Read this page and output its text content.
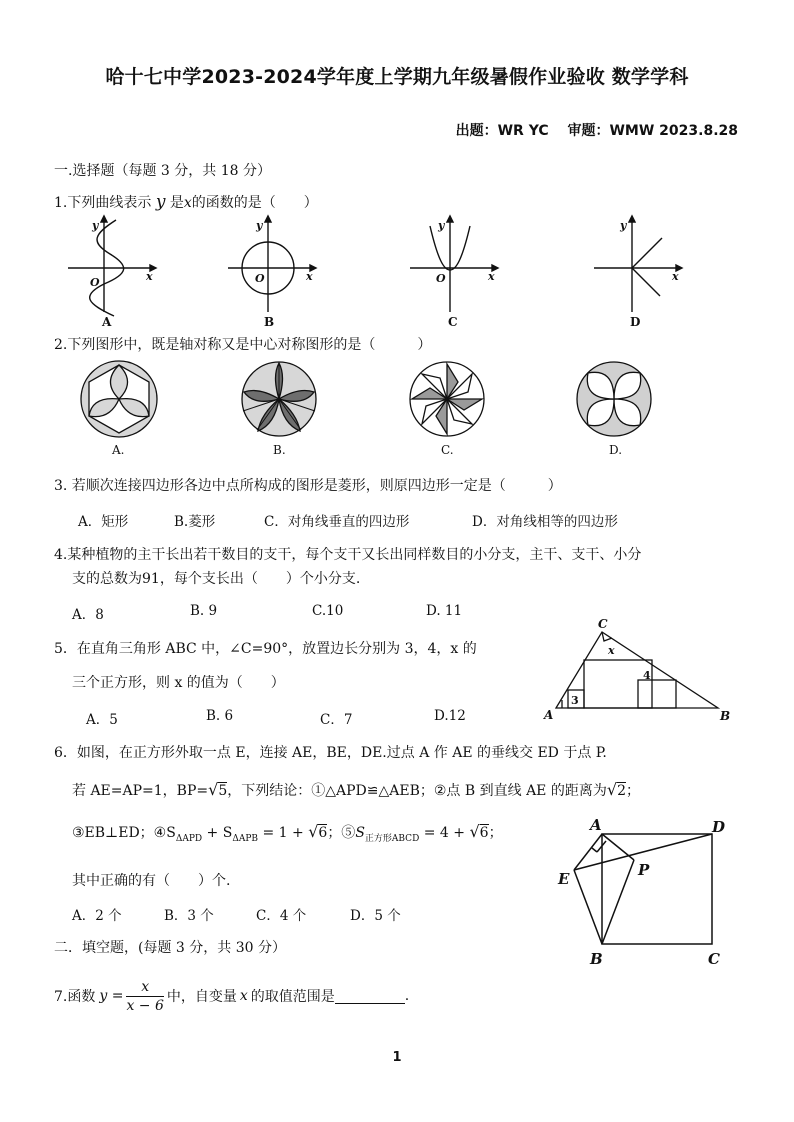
哈十七中学2023-2024学年度上学期九年级暑假作业验收 数学学科
出题：WR YC 审题：WMW 2023.8.28
一.选择题（每题 3 分，共 18 分）
1.下列曲线表示 y 是x的函数的是（　　）
y
x
O
A
y
x
O
B
y
x
O
C
y
x
D
2.下列图形中，既是轴对称又是中心对称图形的是（　　　）
A.	B.	C.	D.
3. 若顺次连接四边形各边中点所构成的图形是菱形，则原四边形一定是（　　　）
A．矩形	B.菱形	C．对角线垂直的四边形	D．对角线相等的四边形
4.某种植物的主干长出若干数目的支干，每个支干又长出同样数目的小分支，主干、支干、小分
支的总数为91，每个支长出（　　）个小分支.
A．8	B. 9	C.10	D. 11
5．在直角三角形 ABC 中，∠C=90°，放置边长分别为 3，4，x 的
三个正方形，则 x 的值为（　　）
A．5	B. 6	C．7	D.12
C
A	B
3
4
x
6．如图，在正方形外取一点 E，连接 AE，BE，DE.过点 A 作 AE 的垂线交 ED 于点 P.
若 AE=AP=1，BP=√5，下列结论：①△APD≌△AEB；②点 B 到直线 AE 的距离为√2；
③EB⊥ED；$④S_{\Delta APD} + S_{\Delta APB} = 1 + √6$；$⑤S_{正方形ABCD} = 4 + √6$；
其中正确的有（　　）个.
A．2 个	B．3 个	C．4 个	D．5 个
A	D
E	P
B	C
二．填空题，(每题 3 分，共 30 分）
7.函数 $y = \frac{x}{x - 6}$ 中，自变量 x 的取值范围是	.
1
